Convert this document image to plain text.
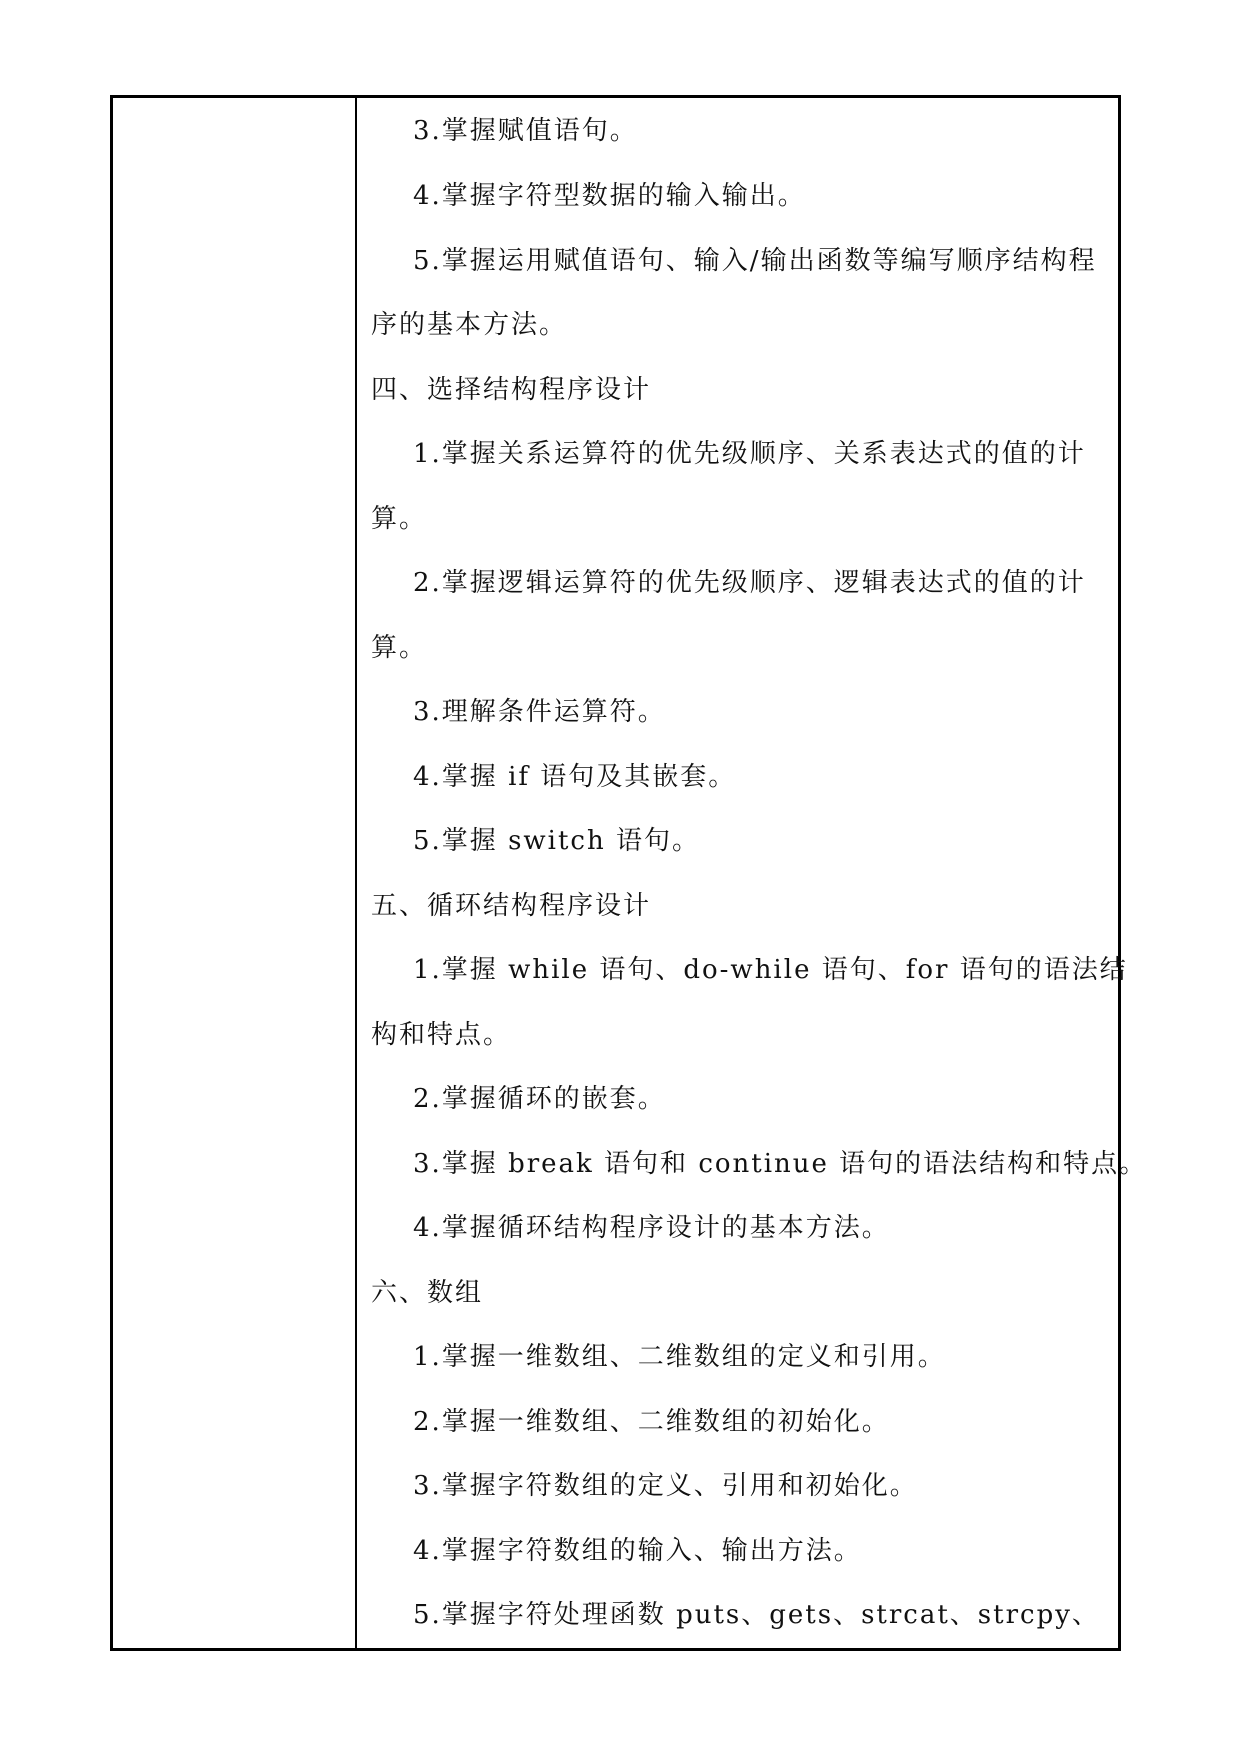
3.掌握赋值语句。
4.掌握字符型数据的输入输出。
5.掌握运用赋值语句、输入/输出函数等编写顺序结构程
序的基本方法。
四、选择结构程序设计
1.掌握关系运算符的优先级顺序、关系表达式的值的计
算。
2.掌握逻辑运算符的优先级顺序、逻辑表达式的值的计
算。
3.理解条件运算符。
4.掌握 if 语句及其嵌套。
5.掌握 switch 语句。
五、循环结构程序设计
1.掌握 while 语句、do-while 语句、for 语句的语法结
构和特点。
2.掌握循环的嵌套。
3.掌握 break 语句和 continue 语句的语法结构和特点。
4.掌握循环结构程序设计的基本方法。
六、数组
1.掌握一维数组、二维数组的定义和引用。
2.掌握一维数组、二维数组的初始化。
3.掌握字符数组的定义、引用和初始化。
4.掌握字符数组的输入、输出方法。
5.掌握字符处理函数 puts、gets、strcat、strcpy、
